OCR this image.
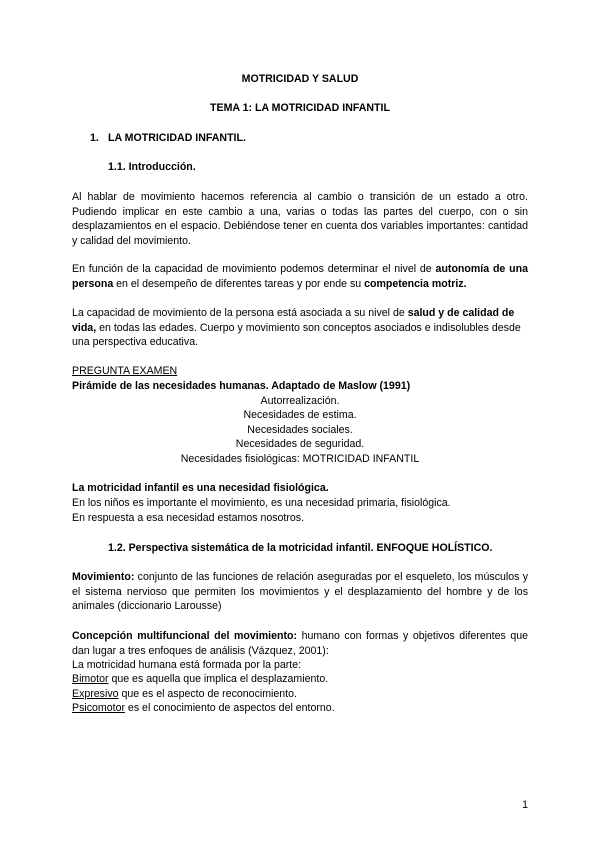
MOTRICIDAD Y SALUD
TEMA 1: LA MOTRICIDAD INFANTIL
1. LA MOTRICIDAD INFANTIL.
1.1. Introducción.

Al hablar de movimiento hacemos referencia al cambio o transición de un estado a otro. Pudiendo implicar en este cambio a una, varias o todas las partes del cuerpo, con o sin desplazamientos en el espacio. Debiéndose tener en cuenta dos variables importantes: cantidad y calidad del movimiento.

En función de la capacidad de movimiento podemos determinar el nivel de autonomía de una persona en el desempeño de diferentes tareas y por ende su competencia motriz.

La capacidad de movimiento de la persona está asociada a su nivel de salud y de calidad de vida, en todas las edades. Cuerpo y movimiento son conceptos asociados e indisolubles desde una perspectiva educativa.

PREGUNTA EXAMEN
Pirámide de las necesidades humanas. Adaptado de Maslow (1991)
Autorrealización.
Necesidades de estima.
Necesidades sociales.
Necesidades de seguridad.
Necesidades fisiológicas: MOTRICIDAD INFANTIL
La motricidad infantil es una necesidad fisiológica.
En los niños es importante el movimiento, es una necesidad primaria, fisiológica.
En respuesta a esa necesidad estamos nosotros.
1.2. Perspectiva sistemática de la motricidad infantil. ENFOQUE HOLÍSTICO.

Movimiento: conjunto de las funciones de relación aseguradas por el esqueleto, los músculos y el sistema nervioso que permiten los movimientos y el desplazamiento del hombre y de los animales (diccionario Larousse)

Concepción multifuncional del movimiento: humano con formas y objetivos diferentes que dan lugar a tres enfoques de análisis (Vázquez, 2001):

La motricidad humana está formada por la parte:
Bimotor que es aquella que implica el desplazamiento.
Expresivo que es el aspecto de reconocimiento.
Psicomotor es el conocimiento de aspectos del entorno.
1
